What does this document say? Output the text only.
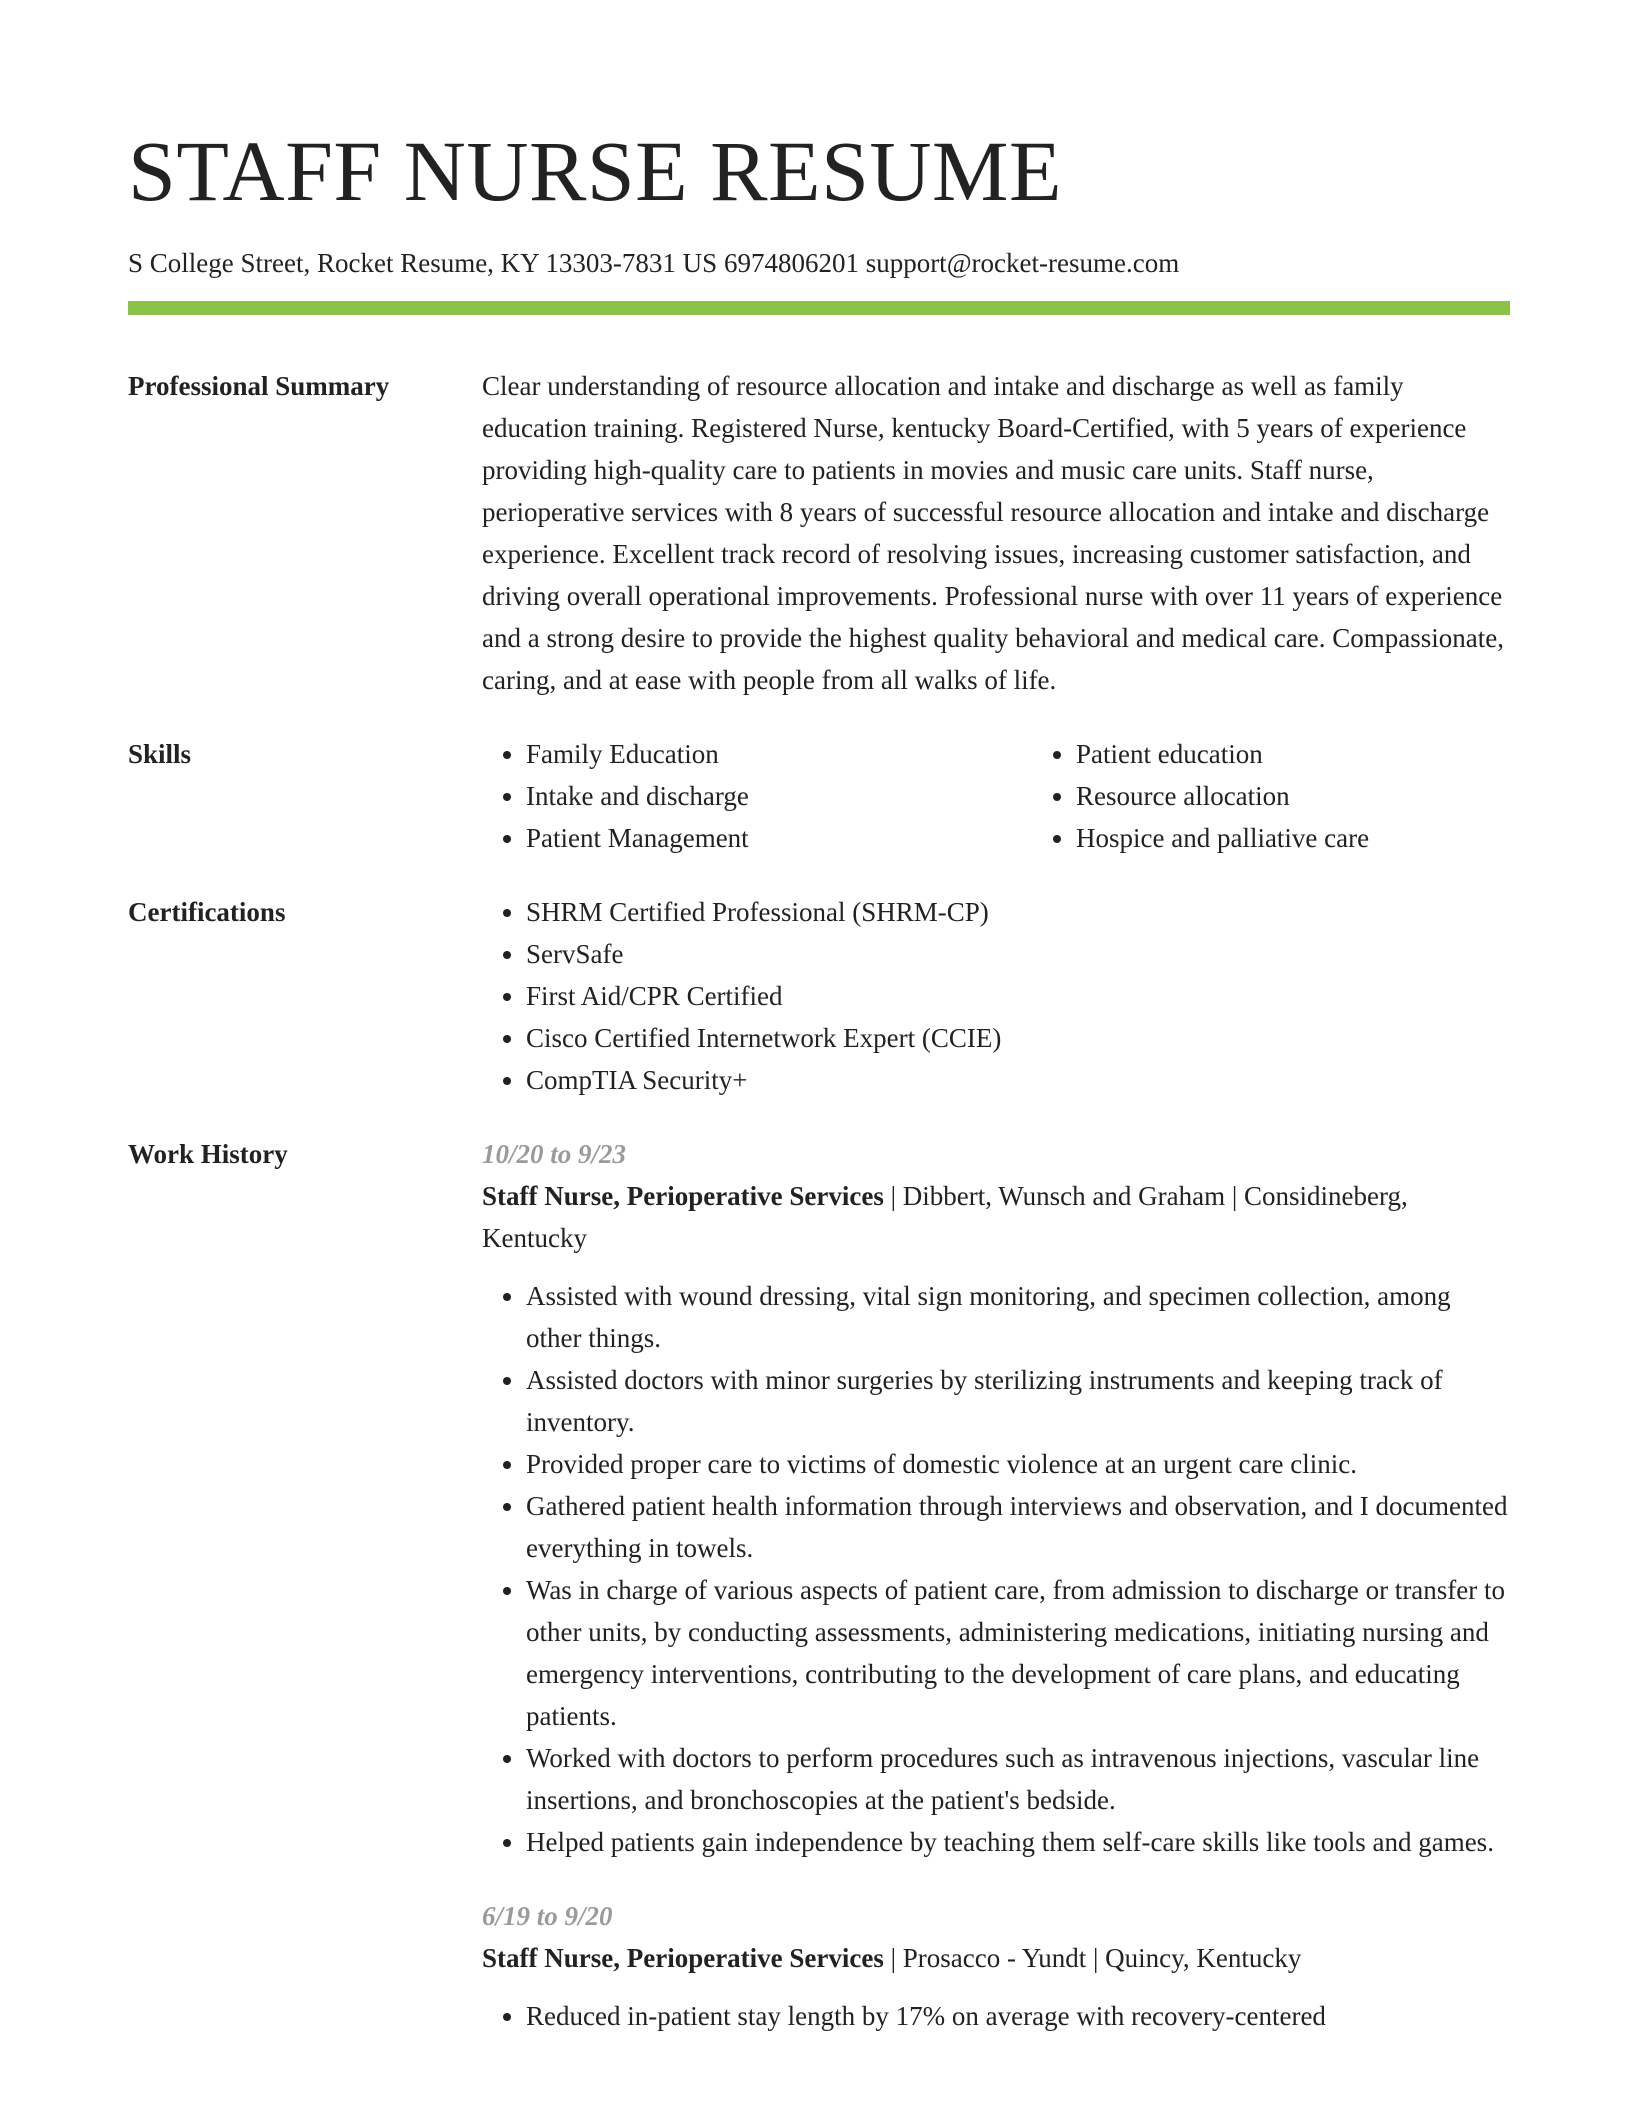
STAFF NURSE RESUME
S College Street, Rocket Resume, KY 13303-7831 US 6974806201 support@rocket-resume.com
Professional Summary	Clear understanding of resource allocation and intake and discharge as well as family education training. Registered Nurse, kentucky Board-Certified, with 5 years of experience providing high-quality care to patients in movies and music care units. Staff nurse, perioperative services with 8 years of successful resource allocation and intake and discharge experience. Excellent track record of resolving issues, increasing customer satisfaction, and driving overall operational improvements. Professional nurse with over 11 years of experience and a strong desire to provide the highest quality behavioral and medical care. Compassionate, caring, and at ease with people from all walks of life.

Skills	• Family Education
• Intake and discharge
• Patient Management
• Patient education
• Resource allocation
• Hospice and palliative care
Certifications	• SHRM Certified Professional (SHRM-CP)
• ServSafe
• First Aid/CPR Certified
• Cisco Certified Internetwork Expert (CCIE)
• CompTIA Security+
Work History	10/20 to 9/23

Staff Nurse, Perioperative Services | Dibbert, Wunsch and Graham | Considineberg, Kentucky

• Assisted with wound dressing, vital sign monitoring, and specimen collection, among other things.
• Assisted doctors with minor surgeries by sterilizing instruments and keeping track of inventory.
• Provided proper care to victims of domestic violence at an urgent care clinic.
• Gathered patient health information through interviews and observation, and I documented everything in towels.
• Was in charge of various aspects of patient care, from admission to discharge or transfer to other units, by conducting assessments, administering medications, initiating nursing and emergency interventions, contributing to the development of care plans, and educating patients.
• Worked with doctors to perform procedures such as intravenous injections, vascular line insertions, and bronchoscopies at the patient's bedside.
• Helped patients gain independence by teaching them self-care skills like tools and games.
6/19 to 9/20

Staff Nurse, Perioperative Services | Prosacco - Yundt | Quincy, Kentucky

• Reduced in-patient stay length by 17% on average with recovery-centered
